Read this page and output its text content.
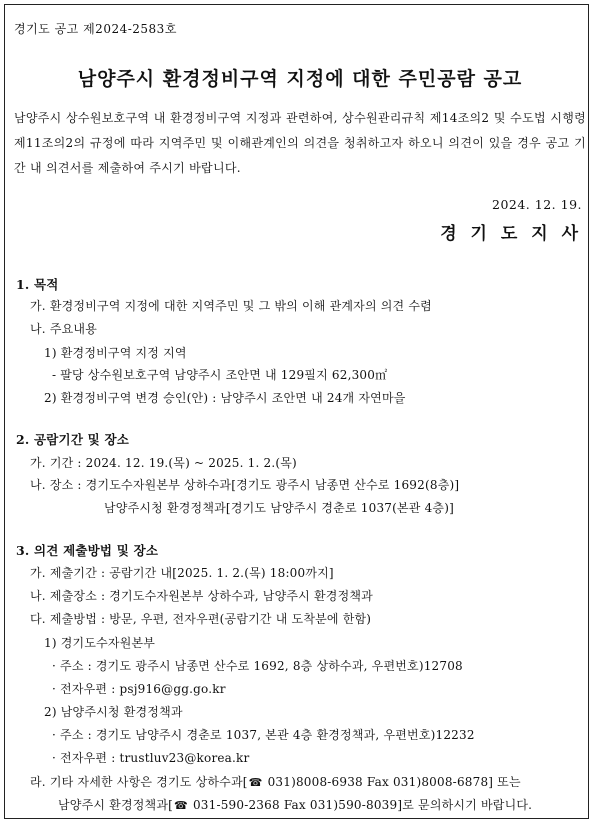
경기도 공고 제2024-2583호
남양주시 환경정비구역 지정에 대한 주민공람 공고
남양주시 상수원보호구역 내 환경정비구역 지정과 관련하여, 상수원관리규칙 제14조의2 및 수도법 시행령 제11조의2의 규정에 따라 지역주민 및 이해관계인의 의견을 청취하고자 하오니 의견이 있을 경우 공고 기간 내 의견서를 제출하여 주시기 바랍니다.
2024. 12. 19.
경 기 도 지 사
1. 목적
가. 환경정비구역 지정에 대한 지역주민 및 그 밖의 이해 관계자의 의견 수렴
나. 주요내용
1) 환경정비구역 지정 지역
- 팔당 상수원보호구역 남양주시 조안면 내 129필지 62,300㎡
2) 환경정비구역 변경 승인(안) : 남양주시 조안면 내 24개 자연마을
2. 공람기간 및 장소
가. 기간 : 2024. 12. 19.(목) ~ 2025. 1. 2.(목)
나. 장소 : 경기도수자원본부 상하수과[경기도 광주시 남종면 산수로 1692(8층)]
남양주시청 환경정책과[경기도 남양주시 경춘로 1037(본관 4층)]
3. 의견 제출방법 및 장소
가. 제출기간 : 공람기간 내[2025. 1. 2.(목) 18:00까지]
나. 제출장소 : 경기도수자원본부 상하수과, 남양주시 환경정책과
다. 제출방법 : 방문, 우편, 전자우편(공람기간 내 도착분에 한함)
1) 경기도수자원본부
· 주소 : 경기도 광주시 남종면 산수로 1692, 8층 상하수과, 우편번호)12708
· 전자우편 : psj916@gg.go.kr
2) 남양주시청 환경정책과
· 주소 : 경기도 남양주시 경춘로 1037, 본관 4층 환경정책과, 우편번호)12232
· 전자우편 : trustluv23@korea.kr
라. 기타 자세한 사항은 경기도 상하수과[☎ 031)8008-6938 Fax 031)8008-6878] 또는
남양주시 환경정책과[☎ 031-590-2368 Fax 031)590-8039]로 문의하시기 바랍니다.
